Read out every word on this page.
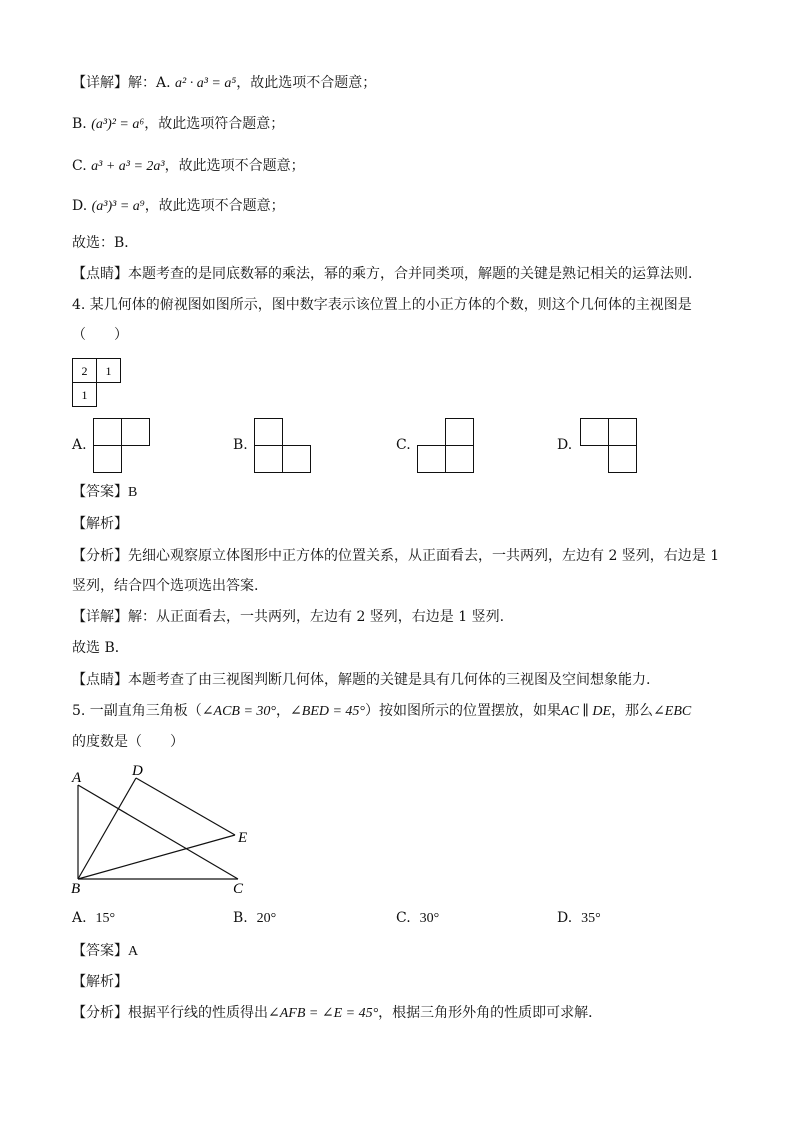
【详解】解：A. a² · a³ = a⁵，故此选项不合题意；
B. (a³)² = a⁶，故此选项符合题意；
C. a³ + a³ = 2a³，故此选项不合题意；
D. (a³)³ = a⁹，故此选项不合题意；
故选：B．
【点睛】本题考查的是同底数幂的乘法，幂的乘方，合并同类项，解题的关键是熟记相关的运算法则．
4. 某几何体的俯视图如图所示，图中数字表示该位置上的小正方体的个数，则这个几何体的主视图是
（　　）
2 1
1
A.	B.	C.	D.
【答案】B
【解析】
【分析】先细心观察原立体图形中正方体的位置关系，从正面看去，一共两列，左边有 2 竖列，右边是 1
竖列，结合四个选项选出答案.
【详解】解：从正面看去，一共两列，左边有 2 竖列，右边是 1 竖列.
故选 B．
【点睛】本题考查了由三视图判断几何体，解题的关键是具有几何体的三视图及空间想象能力.
5. 一副直角三角板（∠ACB = 30°，∠BED = 45°）按如图所示的位置摆放，如果AC ∥ DE，那么∠EBC
的度数是（　　）
A	D
E
B	C
A. 15°	B. 20°	C. 30°	D. 35°
【答案】A
【解析】
【分析】根据平行线的性质得出∠AFB = ∠E = 45°，根据三角形外角的性质即可求解．
